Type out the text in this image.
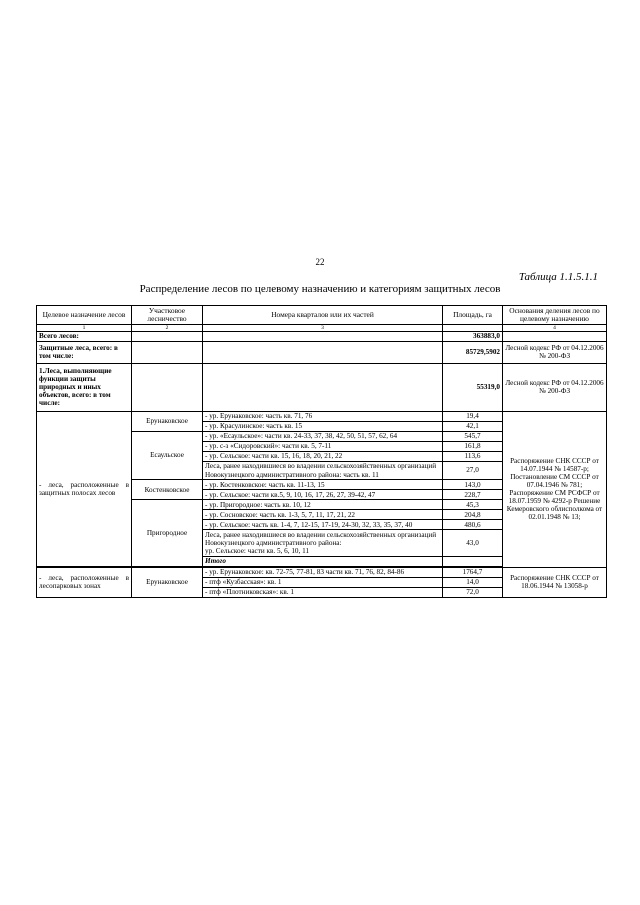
22
Таблица 1.1.5.1.1
Распределение лесов по целевому назначению и категориям защитных лесов
Целевое назначение лесов	Участковое лесничество	Номера кварталов или их частей	Площадь, га	Основания деления лесов по целевому назначению	
1	2	3		4	
Всего лесов:			363883,0		
Защитные леса, всего: в том числе:			85729,5902	Лесной кодекс РФ от 04.12.2006 № 200-ФЗ	
1.Леса, выполняющие функции защиты природных и иных объектов, всего: в том числе:			55319,0	Лесной кодекс РФ от 04.12.2006 № 200-ФЗ	
- леса, расположенные в защитных полосах лесов	Ерунаковское	- ур. Ерунаковское: часть кв. 71, 76	19,4	Распоряжение СНК СССР от 14.07.1944 № 14587-р; Постановление СМ СССР от 07.04.1946 № 781; Распоряжение СМ РСФСР от 18.07.1959 № 4292-р Решение Кемеровского облисполкома от 02.01.1948 № 13;	
		- ур. Красулинское: часть кв. 15	42,1		
	Есаульское	- ур. «Есаульское»: части кв. 24-33, 37, 38, 42, 50, 51, 57, 62, 64	545,7		
		- ур. с-з «Сидоровский»: части кв. 5, 7-11	161,8		
		- ур. Сельское: части кв. 15, 16, 18, 20, 21, 22	113,6		
		Леса, ранее находившиеся во владении сельскохозяйственных организаций Новокузнецкого административного района: часть кв. 11	27,0		
	Костенковское	- ур. Костенковское: часть кв. 11-13, 15	143,0		
		- ур. Сельское: части кв.5, 9, 10, 16, 17, 26, 27, 39-42, 47	228,7		
	Пригородное	- ур. Пригородное: часть кв. 10, 12	45,3		
		- ур. Сосновское: часть кв. 1-3, 5, 7, 11, 17, 21, 22	204,8		
		- ур. Сельское: часть кв. 1-4, 7, 12-15, 17-19, 24-30, 32, 33, 35, 37, 40	480,6		
		Леса, ранее находившиеся во владении сельскохозяйственных организаций Новокузнецкого административного района:
ур. Сельское: части кв. 5, 6, 10, 11	43,0		
		Итого		

- леса, расположенные в лесопарковых зонах	Ерунаковское	- ур. Ерунаковское: кв. 72-75, 77-81, 83 части кв. 71, 76, 82, 84-86	1764,7	Распоряжение СНК СССР от 18.06.1944 № 13058-р	
		- птф «Кузбасская»: кв. 1	14,0		
		- птф «Плотниковская»: кв. 1	72,0		
